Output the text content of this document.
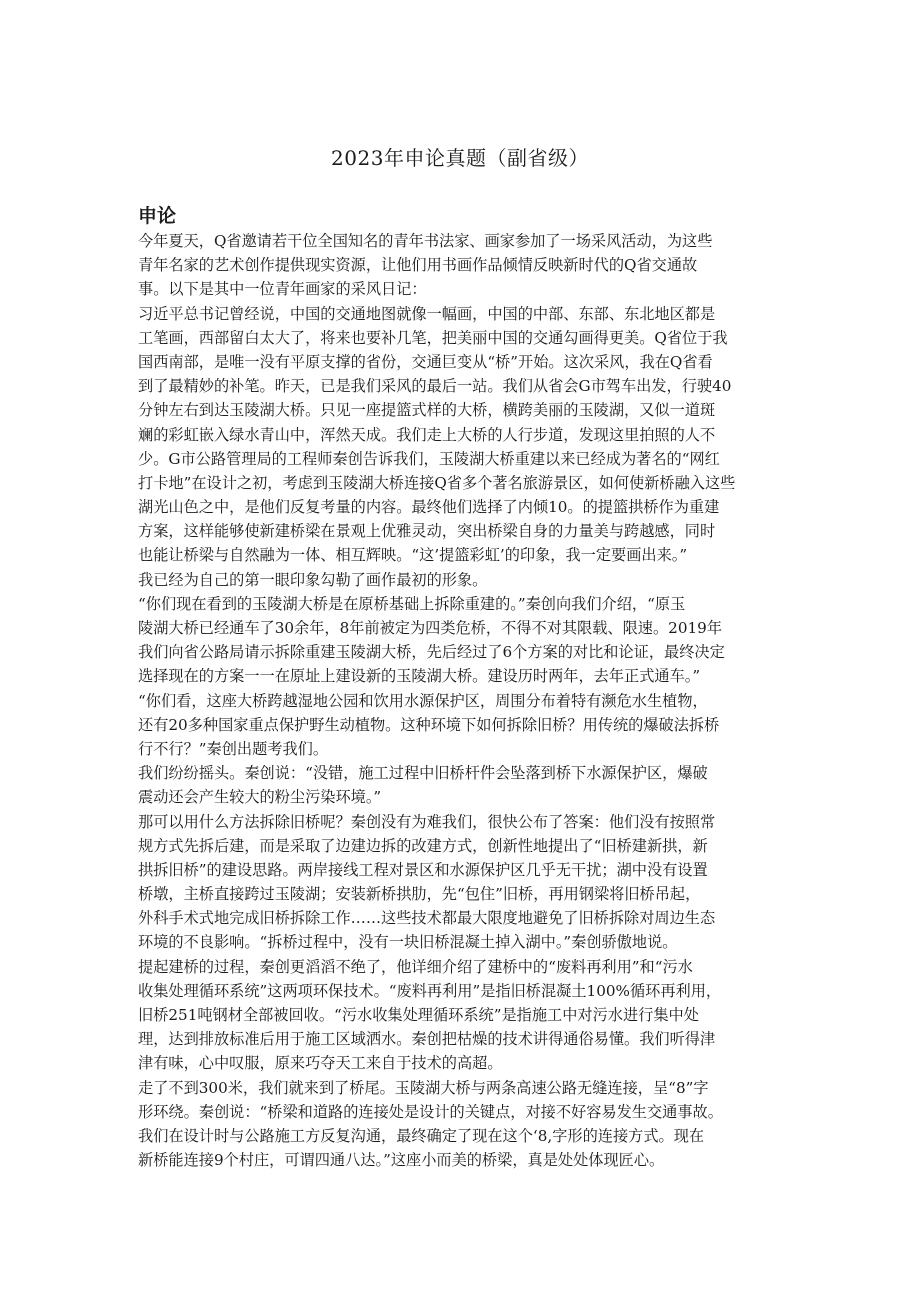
2023年申论真题（副省级）
申论
今年夏天，Q省邀请若干位全国知名的青年书法家、画家参加了一场采风活动，为这些
青年名家的艺术创作提供现实资源，让他们用书画作品倾情反映新时代的Q省交通故
事。以下是其中一位青年画家的采风日记：
习近平总书记曾经说，中国的交通地图就像一幅画，中国的中部、东部、东北地区都是
工笔画，西部留白太大了，将来也要补几笔，把美丽中国的交通勾画得更美。Q省位于我
国西南部，是唯一没有平原支撑的省份，交通巨变从“桥”开始。这次采风，我在Q省看
到了最精妙的补笔。昨天，已是我们采风的最后一站。我们从省会G市驾车出发，行驶40
分钟左右到达玉陵湖大桥。只见一座提篮式样的大桥，横跨美丽的玉陵湖，又似一道斑
斓的彩虹嵌入绿水青山中，浑然天成。我们走上大桥的人行步道，发现这里拍照的人不
少。G市公路管理局的工程师秦创告诉我们，玉陵湖大桥重建以来已经成为著名的“网红
打卡地”在设计之初，考虑到玉陵湖大桥连接Q省多个著名旅游景区，如何使新桥融入这些
湖光山色之中，是他们反复考量的内容。最终他们选择了内倾10。的提篮拱桥作为重建
方案，这样能够使新建桥梁在景观上优雅灵动，突出桥梁自身的力量美与跨越感，同时
也能让桥梁与自然融为一体、相互辉映。“这’提篮彩虹’的印象，我一定要画出来。”
我已经为自己的第一眼印象勾勒了画作最初的形象。
“你们现在看到的玉陵湖大桥是在原桥基础上拆除重建的。”秦创向我们介绍，“原玉
陵湖大桥已经通车了30余年，8年前被定为四类危桥，不得不对其限载、限速。2019年
我们向省公路局请示拆除重建玉陵湖大桥，先后经过了6个方案的对比和论证，最终决定
选择现在的方案一一在原址上建设新的玉陵湖大桥。建设历时两年，去年正式通车。”
“你们看，这座大桥跨越湿地公园和饮用水源保护区，周围分布着特有濒危水生植物，
还有20多种国家重点保护野生动植物。这种环境下如何拆除旧桥？用传统的爆破法拆桥
行不行？”秦创出题考我们。
我们纷纷摇头。秦创说：“没错，施工过程中旧桥杆件会坠落到桥下水源保护区，爆破
震动还会产生较大的粉尘污染环境。”
那可以用什么方法拆除旧桥呢？秦创没有为难我们，很快公布了答案：他们没有按照常
规方式先拆后建，而是采取了边建边拆的改建方式，创新性地提出了“旧桥建新拱，新
拱拆旧桥”的建设思路。两岸接线工程对景区和水源保护区几乎无干扰；湖中没有设置
桥墩，主桥直接跨过玉陵湖；安装新桥拱肋，先“包住”旧桥，再用钢梁将旧桥吊起，
外科手术式地完成旧桥拆除工作……这些技术都最大限度地避免了旧桥拆除对周边生态
环境的不良影响。“拆桥过程中，没有一块旧桥混凝土掉入湖中。”秦创骄傲地说。
提起建桥的过程，秦创更滔滔不绝了，他详细介绍了建桥中的“废料再利用”和“污水
收集处理循环系统”这两项环保技术。“废料再利用”是指旧桥混凝土100%循环再利用，
旧桥251吨钢材全部被回收。“污水收集处理循环系统”是指施工中对污水进行集中处
理，达到排放标准后用于施工区域洒水。秦创把枯燥的技术讲得通俗易懂。我们听得津
津有味，心中叹服，原来巧夺天工来自于技术的高超。
走了不到300米，我们就来到了桥尾。玉陵湖大桥与两条高速公路无缝连接，呈“8”字
形环绕。秦创说：“桥梁和道路的连接处是设计的关键点，对接不好容易发生交通事故。
我们在设计时与公路施工方反复沟通，最终确定了现在这个‘8,字形的连接方式。现在
新桥能连接9个村庄，可谓四通八达。”这座小而美的桥梁，真是处处体现匠心。
